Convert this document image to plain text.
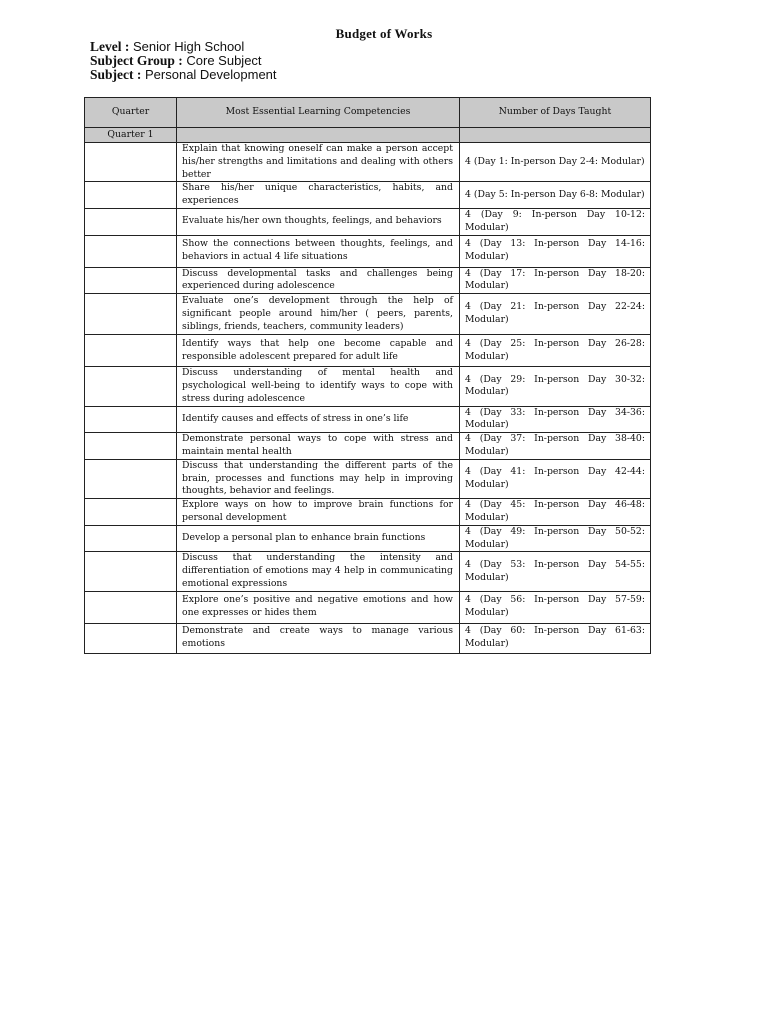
Budget of Works
Level : Senior High School
Subject Group : Core Subject
Subject : Personal Development
Quarter	Most Essential Learning Competencies	Number of Days Taught
Quarter 1		
	Explain that knowing oneself can make a person accept his/her strengths and limitations and dealing with others better	4 (Day 1: In-person Day 2-4: Modular)
	Share his/her unique characteristics, habits, and experiences	4 (Day 5: In-person Day 6-8: Modular)
	Evaluate his/her own thoughts, feelings, and behaviors	4 (Day 9: In-person Day 10-12: Modular)
	Show the connections between thoughts, feelings, and behaviors in actual 4 life situations	4 (Day 13: In-person Day 14-16: Modular)
	Discuss developmental tasks and challenges being experienced during adolescence	4 (Day 17: In-person Day 18-20: Modular)
	Evaluate one’s development through the help of significant people around him/her ( peers, parents, siblings, friends, teachers, community leaders)	4 (Day 21: In-person Day 22-24: Modular)
	Identify ways that help one become capable and responsible adolescent prepared for adult life	4 (Day 25: In-person Day 26-28: Modular)
	Discuss understanding of mental health and psychological well-being to identify ways to cope with stress during adolescence	4 (Day 29: In-person Day 30-32: Modular)
	Identify causes and effects of stress in one’s life	4 (Day 33: In-person Day 34-36: Modular)
	Demonstrate personal ways to cope with stress and maintain mental health	4 (Day 37: In-person Day 38-40: Modular)
	Discuss that understanding the different parts of the brain, processes and functions may help in improving thoughts, behavior and feelings.	4 (Day 41: In-person Day 42-44: Modular)
	Explore ways on how to improve brain functions for personal development	4 (Day 45: In-person Day 46-48: Modular)
	Develop a personal plan to enhance brain functions	4 (Day 49: In-person Day 50-52: Modular)
	Discuss that understanding the intensity and differentiation of emotions may 4 help in communicating emotional expressions	4 (Day 53: In-person Day 54-55: Modular)
	Explore one’s positive and negative emotions and how one expresses or hides them	4 (Day 56: In-person Day 57-59: Modular)
	Demonstrate and create ways to manage various emotions	4 (Day 60: In-person Day 61-63: Modular)
